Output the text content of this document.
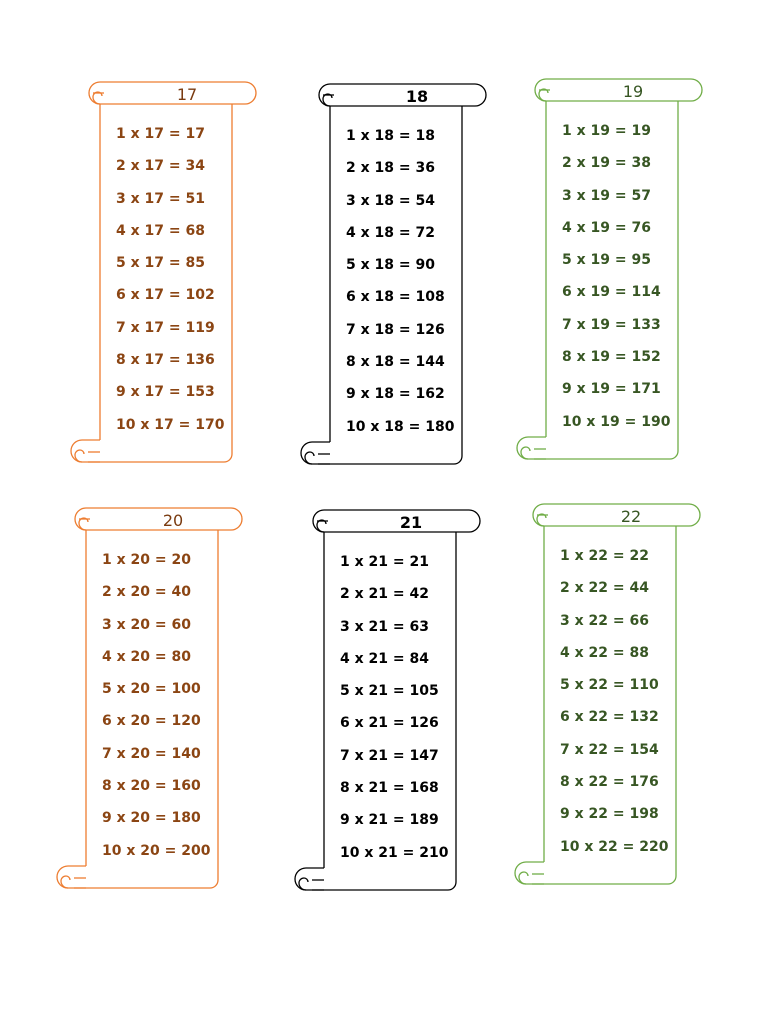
17
1 x 17 = 17
2 x 17 = 34
3 x 17 = 51
4 x 17 = 68
5 x 17 = 85
6 x 17 = 102
7 x 17 = 119
8 x 17 = 136
9 x 17 = 153
10 x 17 = 170
18
1 x 18 = 18
2 x 18 = 36
3 x 18 = 54
4 x 18 = 72
5 x 18 = 90
6 x 18 = 108
7 x 18 = 126
8 x 18 = 144
9 x 18 = 162
10 x 18 = 180
19
1 x 19 = 19
2 x 19 = 38
3 x 19 = 57
4 x 19 = 76
5 x 19 = 95
6 x 19 = 114
7 x 19 = 133
8 x 19 = 152
9 x 19 = 171
10 x 19 = 190
20
1 x 20 = 20
2 x 20 = 40
3 x 20 = 60
4 x 20 = 80
5 x 20 = 100
6 x 20 = 120
7 x 20 = 140
8 x 20 = 160
9 x 20 = 180
10 x 20 = 200
21
1 x 21 = 21
2 x 21 = 42
3 x 21 = 63
4 x 21 = 84
5 x 21 = 105
6 x 21 = 126
7 x 21 = 147
8 x 21 = 168
9 x 21 = 189
10 x 21 = 210
22
1 x 22 = 22
2 x 22 = 44
3 x 22 = 66
4 x 22 = 88
5 x 22 = 110
6 x 22 = 132
7 x 22 = 154
8 x 22 = 176
9 x 22 = 198
10 x 22 = 220
